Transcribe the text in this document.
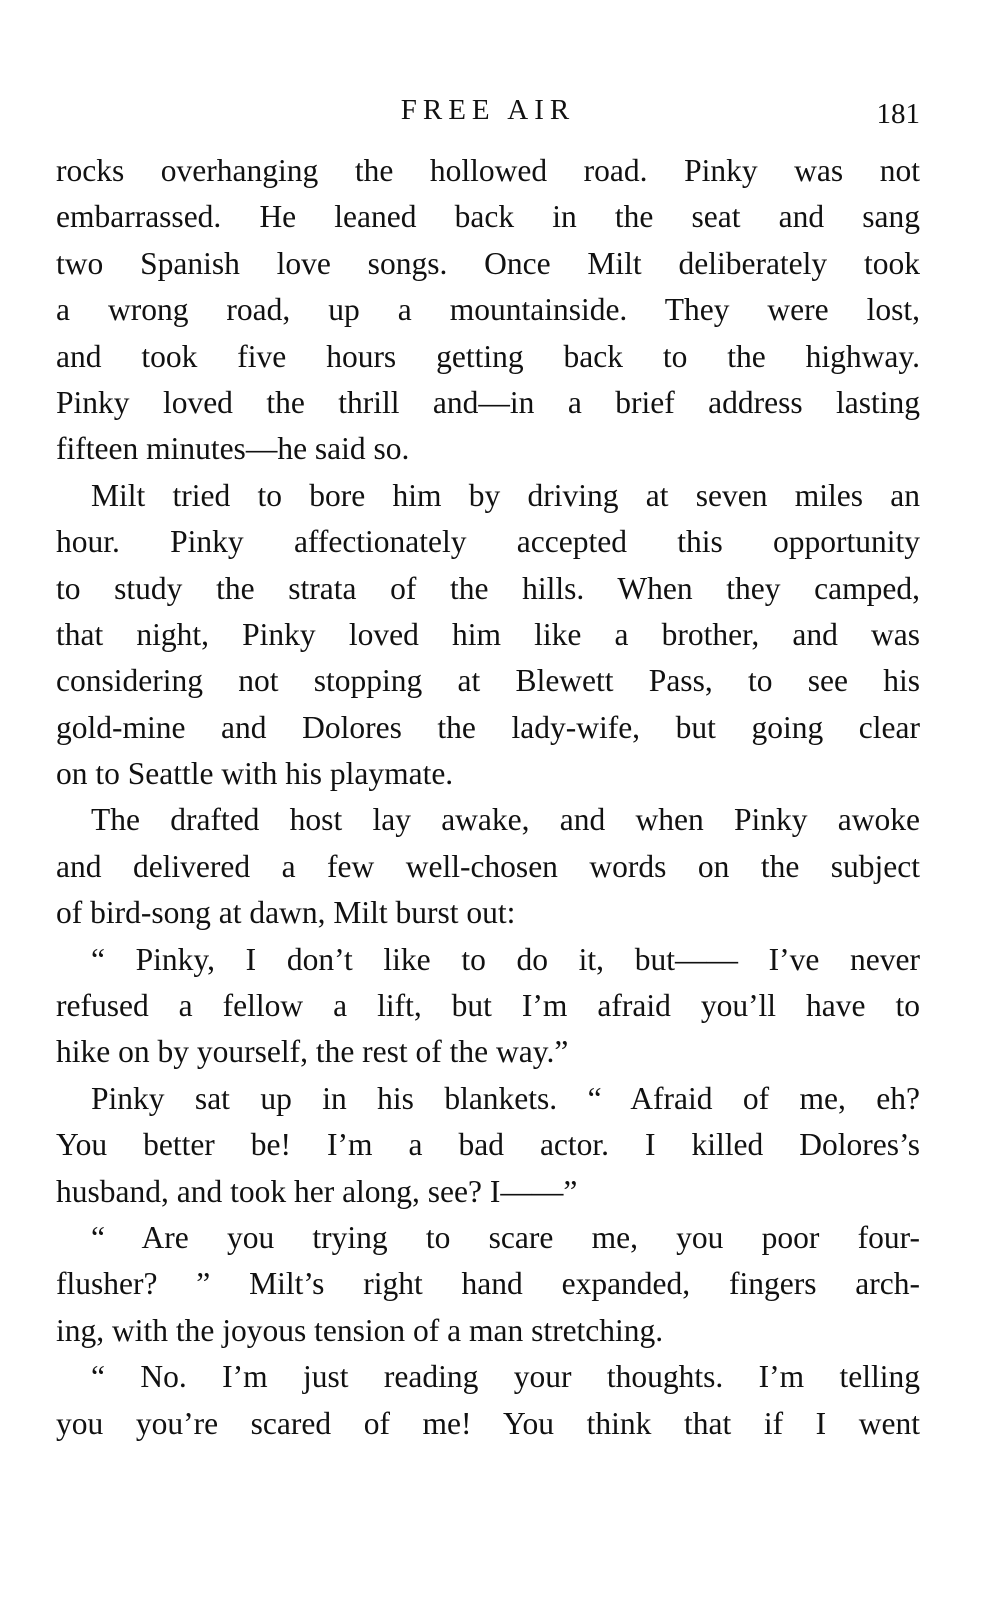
FREE AIR	181
rocks overhanging the hollowed road. Pinky was not
embarrassed. He leaned back in the seat and sang
two Spanish love songs. Once Milt deliberately took
a wrong road, up a mountainside. They were lost,
and took five hours getting back to the highway.
Pinky loved the thrill and—in a brief address lasting
fifteen minutes—he said so.
Milt tried to bore him by driving at seven miles an
hour. Pinky affectionately accepted this opportunity
to study the strata of the hills. When they camped,
that night, Pinky loved him like a brother, and was
considering not stopping at Blewett Pass, to see his
gold-mine and Dolores the lady-wife, but going clear
on to Seattle with his playmate.
The drafted host lay awake, and when Pinky awoke
and delivered a few well-chosen words on the subject
of bird-song at dawn, Milt burst out:
“ Pinky, I don’t like to do it, but—— I’ve never
refused a fellow a lift, but I’m afraid you’ll have to
hike on by yourself, the rest of the way.”
Pinky sat up in his blankets. “ Afraid of me, eh?
You better be! I’m a bad actor. I killed Dolores’s
husband, and took her along, see? I——”
“ Are you trying to scare me, you poor four-
flusher? ” Milt’s right hand expanded, fingers arch-
ing, with the joyous tension of a man stretching.
“ No. I’m just reading your thoughts. I’m telling
you you’re scared of me! You think that if I went
